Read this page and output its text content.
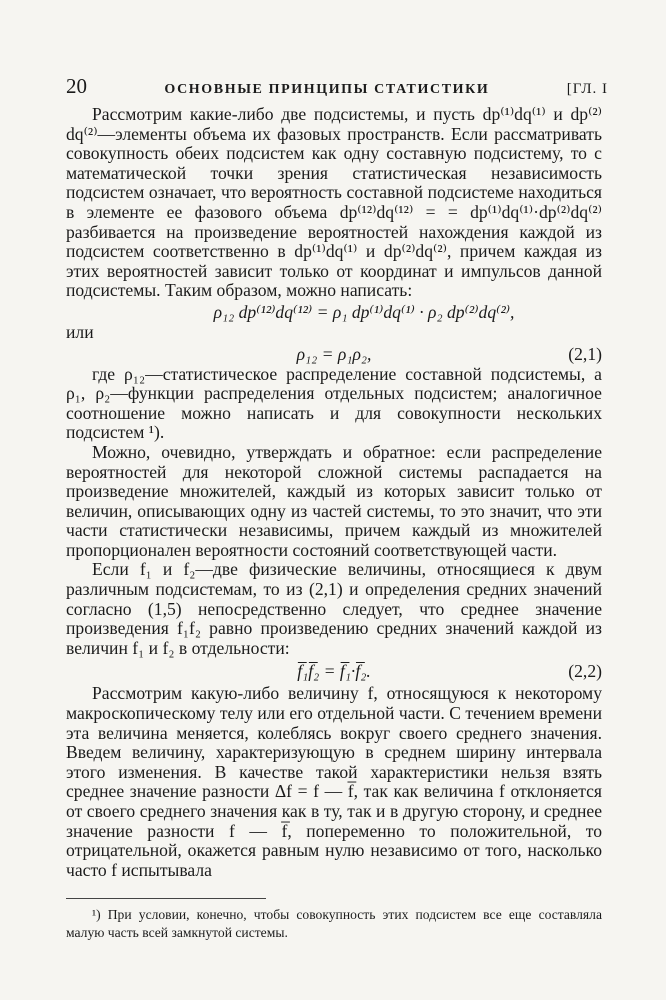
20	ОСНОВНЫЕ ПРИНЦИПЫ СТАТИСТИКИ	[ГЛ. I

Рассмотрим какие-либо две подсистемы, и пусть dp⁽¹⁾dq⁽¹⁾ и dp⁽²⁾dq⁽²⁾—элементы объема их фазовых пространств. Если рассматривать совокупность обеих подсистем как одну составную подсистему, то с математической точки зрения статистическая независимость подсистем означает, что вероятность составной подсистеме находиться в элементе ее фазового объема dp⁽¹²⁾dq⁽¹²⁾ = = dp⁽¹⁾dq⁽¹⁾·dp⁽²⁾dq⁽²⁾ разбивается на произведение вероятностей нахождения каждой из подсистем соответственно в dp⁽¹⁾dq⁽¹⁾ и dp⁽²⁾dq⁽²⁾, причем каждая из этих вероятностей зависит только от координат и импульсов данной подсистемы. Таким образом, можно написать:

ρ₁₂ dp⁽¹²⁾dq⁽¹²⁾ = ρ₁ dp⁽¹⁾dq⁽¹⁾ · ρ₂ dp⁽²⁾dq⁽²⁾,

или

ρ₁₂ = ρ₁ρ₂,	(2,1)

где ρ₁₂—статистическое распределение составной подсистемы, а ρ₁, ρ₂—функции распределения отдельных подсистем; аналогичное соотношение можно написать и для совокупности нескольких подсистем ¹).

Можно, очевидно, утверждать и обратное: если распределение вероятностей для некоторой сложной системы распадается на произведение множителей, каждый из которых зависит только от величин, описывающих одну из частей системы, то это значит, что эти части статистически независимы, причем каждый из множителей пропорционален вероятности состояний соответствующей части.

Если f₁ и f₂—две физические величины, относящиеся к двум различным подсистемам, то из (2,1) и определения средних значений согласно (1,5) непосредственно следует, что среднее значение произведения f₁f₂ равно произведению средних значений каждой из величин f₁ и f₂ в отдельности:

f̅₁f̅₂ = f̅₁·f̅₂.	(2,2)

Рассмотрим какую-либо величину f, относящуюся к некоторому макроскопическому телу или его отдельной части. С течением времени эта величина меняется, колеблясь вокруг своего среднего значения. Введем величину, характеризующую в среднем ширину интервала этого изменения. В качестве такой характеристики нельзя взять среднее значение разности Δf = f — f̅, так как величина f отклоняется от своего среднего значения как в ту, так и в другую сторону, и среднее значение разности f — f̅, попеременно то положительной, то отрицательной, окажется равным нулю независимо от того, насколько часто f испытывала

¹) При условии, конечно, чтобы совокупность этих подсистем все еще составляла малую часть всей замкнутой системы.
